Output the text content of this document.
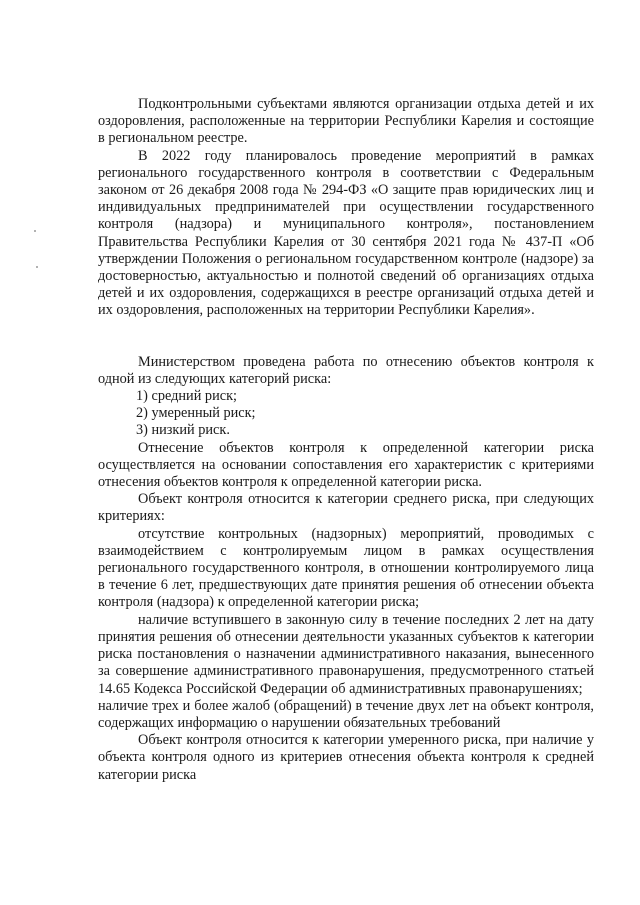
Подконтрольными субъектами являются организации отдыха детей и их оздоровления, расположенные на территории Республики Карелия и состоящие в региональном реестре.

В 2022 году планировалось проведение мероприятий в рамках регионального государственного контроля в соответствии с Федеральным законом от 26 декабря 2008 года № 294-ФЗ «О защите прав юридических лиц и индивидуальных предпринимателей при осуществлении государственного контроля (надзора) и муниципального контроля», постановлением Правительства Республики Карелия от 30 сентября 2021 года № 437-П «Об утверждении Положения о региональном государственном контроле (надзоре) за достоверностью, актуальностью и полнотой сведений об организациях отдыха детей и их оздоровления, содержащихся в реестре организаций отдыха детей и их оздоровления, расположенных на территории Республики Карелия».

Министерством проведена работа по отнесению объектов контроля к одной из следующих категорий риска:

1) средний риск;

2) умеренный риск;

3) низкий риск.

Отнесение объектов контроля к определенной категории риска осуществляется на основании сопоставления его характеристик с критериями отнесения объектов контроля к определенной категории риска.

Объект контроля относится к категории среднего риска, при следующих критериях:

отсутствие контрольных (надзорных) мероприятий, проводимых с взаимодействием с контролируемым лицом в рамках осуществления регионального государственного контроля, в отношении контролируемого лица в течение 6 лет, предшествующих дате принятия решения об отнесении объекта контроля (надзора) к определенной категории риска;

наличие вступившего в законную силу в течение последних 2 лет на дату принятия решения об отнесении деятельности указанных субъектов к категории риска постановления о назначении административного наказания, вынесенного за совершение административного правонарушения, предусмотренного статьей 14.65 Кодекса Российской Федерации об административных правонарушениях;

наличие трех и более жалоб (обращений) в течение двух лет на объект контроля, содержащих информацию о нарушении обязательных требований

Объект контроля относится к категории умеренного риска, при наличие у объекта контроля одного из критериев отнесения объекта контроля к средней категории риска
